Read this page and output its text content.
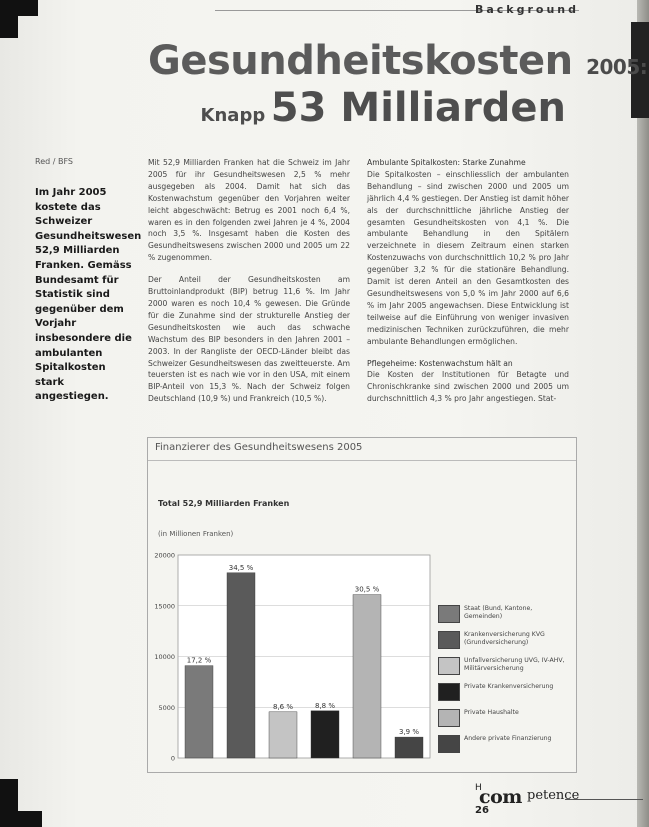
Background
Gesundheitskosten 2005:
Knapp 53 Milliarden
Red / BFS
Im Jahr 2005 kostete das Schweizer Gesundheitswesen 52,9 Milliarden Franken. Gemäss Bundesamt für Statistik sind gegenüber dem Vorjahr insbesondere die ambulanten Spitalkosten stark angestiegen.

Mit 52,9 Milliarden Franken hat die Schweiz im Jahr 2005 für ihr Gesundheitswesen 2,5 % mehr ausgegeben als 2004. Damit hat sich das Kostenwachstum gegenüber den Vorjahren weiter leicht abgeschwächt: Betrug es 2001 noch 6,4 %, waren es in den folgenden zwei Jahren je 4 %, 2004 noch 3,5 %. Insgesamt haben die Kosten des Gesundheitswesens zwischen 2000 und 2005 um 22 % zugenommen.

Der Anteil der Gesundheitskosten am Bruttoinlandprodukt (BIP) betrug 11,6 %. Im Jahr 2000 waren es noch 10,4 % gewesen. Die Gründe für die Zunahme sind der strukturelle Anstieg der Gesundheitskosten wie auch das schwache Wachstum des BIP besonders in den Jahren 2001 – 2003. In der Rangliste der OECD-Länder bleibt das Schweizer Gesundheitswesen das zweitteuerste. Am teuersten ist es nach wie vor in den USA, mit einem BIP-Anteil von 15,3 %. Nach der Schweiz folgen Deutschland (10,9 %) und Frankreich (10,5 %).

Ambulante Spitalkosten: Starke Zunahme

Die Spitalkosten – einschliesslich der ambulanten Behandlung – sind zwischen 2000 und 2005 um jährlich 4,4 % gestiegen. Der Anstieg ist damit höher als der durchschnittliche jährliche Anstieg der gesamten Gesundheitskosten von 4,1 %. Die ambulante Behandlung in den Spitälern verzeichnete in diesem Zeitraum einen starken Kostenzuwachs von durchschnittlich 10,2 % pro Jahr gegenüber 3,2 % für die stationäre Behandlung. Damit ist deren Anteil an den Gesamtkosten des Gesundheitswesens von 5,0 % im Jahr 2000 auf 6,6 % im Jahr 2005 angewachsen. Diese Entwicklung ist teilweise auf die Einführung von weniger invasiven medizinischen Techniken zurückzuführen, die mehr ambulante Behandlungen ermöglichen.

Pflegeheime: Kostenwachstum hält an

Die Kosten der Institutionen für Betagte und Chronischkranke sind zwischen 2000 und 2005 um durchschnittlich 4,3 % pro Jahr angestiegen. Stat-

Finanzierer des Gesundheitswesens 2005
Total 52,9 Milliarden Franken
(in Millionen Franken)
0
5000
10000
15000
20000
17,2 %
34,5 %
8,6 %	8,8 %
30,5 %
3,9 %
Staat (Bund, Kantone, Gemeinden)
Krankenversicherung KVG (Grundversicherung)
Unfallversicherung UVG, IV-AHV, Militärversicherung
Private Krankenversicherung
Private Haushalte
Andere private Finanzierung
H
com petence
26
